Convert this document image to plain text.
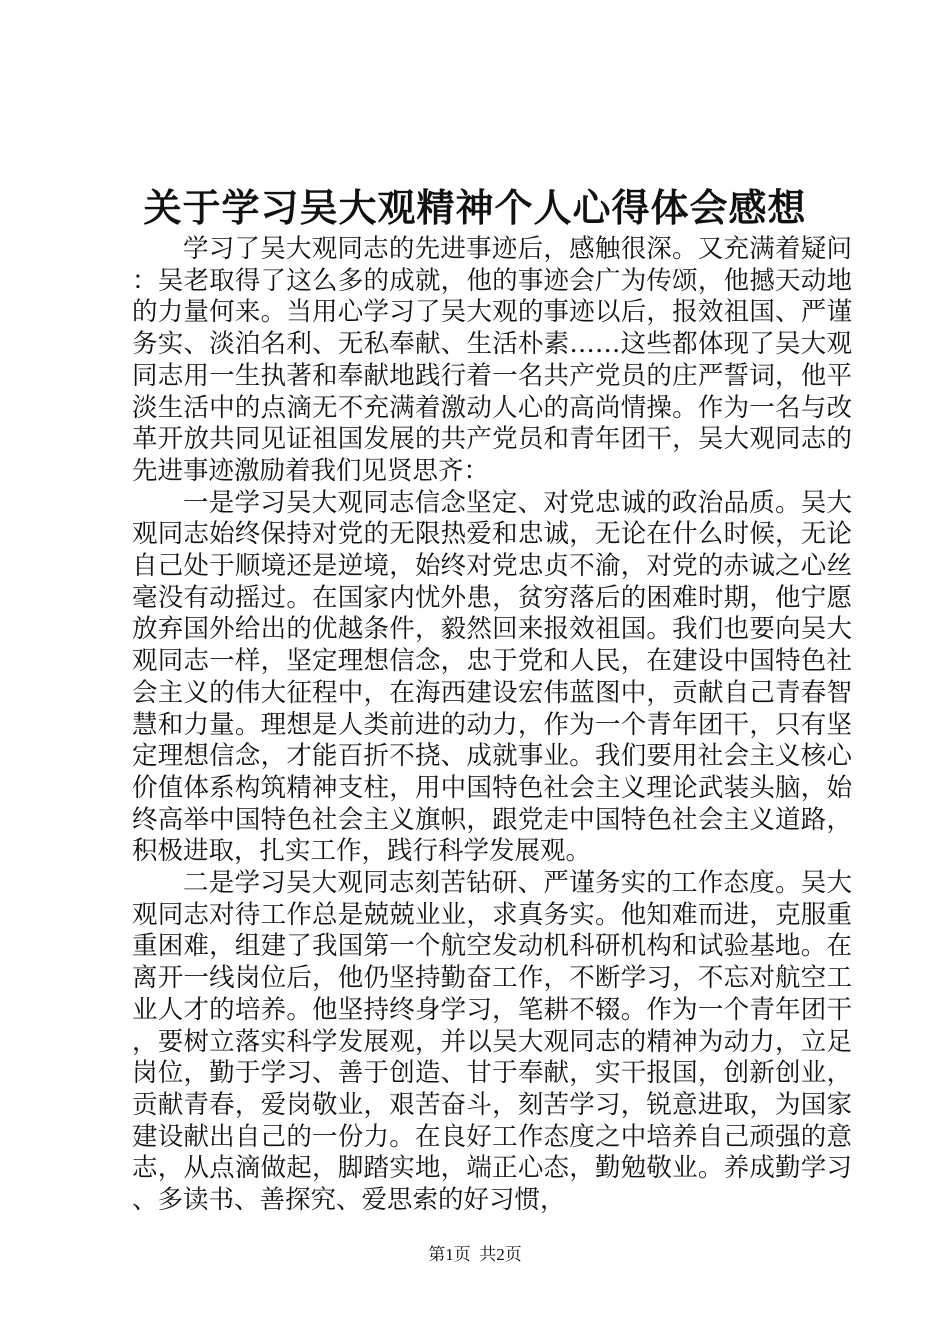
关于学习吴大观精神个人心得体会感想

学习了吴大观同志的先进事迹后，感触很深。又充满着疑问：吴老取得了这么多的成就，他的事迹会广为传颂，他撼天动地的力量何来。当用心学习了吴大观的事迹以后，报效祖国、严谨务实、淡泊名利、无私奉献、生活朴素……这些都体现了吴大观同志用一生执著和奉献地践行着一名共产党员的庄严誓词，他平淡生活中的点滴无不充满着激动人心的高尚情操。作为一名与改革开放共同见证祖国发展的共产党员和青年团干，吴大观同志的先进事迹激励着我们见贤思齐：

一是学习吴大观同志信念坚定、对党忠诚的政治品质。吴大观同志始终保持对党的无限热爱和忠诚，无论在什么时候，无论自己处于顺境还是逆境，始终对党忠贞不渝，对党的赤诚之心丝毫没有动摇过。在国家内忧外患，贫穷落后的困难时期，他宁愿放弃国外给出的优越条件，毅然回来报效祖国。我们也要向吴大观同志一样，坚定理想信念，忠于党和人民，在建设中国特色社会主义的伟大征程中，在海西建设宏伟蓝图中，贡献自己青春智慧和力量。理想是人类前进的动力，作为一个青年团干，只有坚定理想信念，才能百折不挠、成就事业。我们要用社会主义核心价值体系构筑精神支柱，用中国特色社会主义理论武装头脑，始终高举中国特色社会主义旗帜，跟党走中国特色社会主义道路，积极进取，扎实工作，践行科学发展观。

二是学习吴大观同志刻苦钻研、严谨务实的工作态度。吴大观同志对待工作总是兢兢业业，求真务实。他知难而进，克服重重困难，组建了我国第一个航空发动机科研机构和试验基地。在离开一线岗位后，他仍坚持勤奋工作，不断学习，不忘对航空工业人才的培养。他坚持终身学习，笔耕不辍。作为一个青年团干，要树立落实科学发展观，并以吴大观同志的精神为动力，立足岗位，勤于学习、善于创造、甘于奉献，实干报国，创新创业，贡献青春，爱岗敬业，艰苦奋斗，刻苦学习，锐意进取，为国家建设献出自己的一份力。在良好工作态度之中培养自己顽强的意志，从点滴做起，脚踏实地，端正心态，勤勉敬业。养成勤学习、多读书、善探究、爱思索的好习惯，

第1页  共2页
